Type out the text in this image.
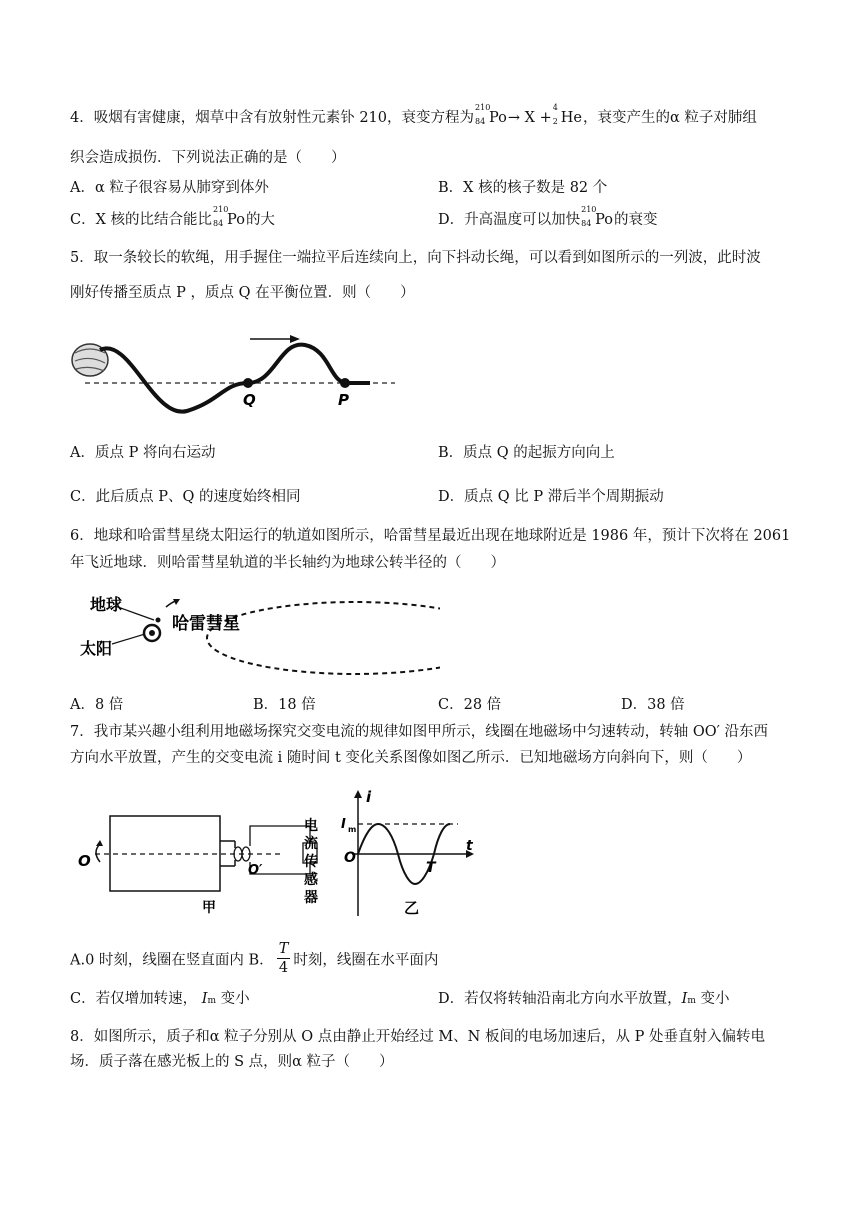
4．吸烟有害健康，烟草中含有放射性元素钋 210，衰变方程为
210
84 Po→ X +
4
2 He，衰变产生的α 粒子对肺组
织会造成损伤．下列说法正确的是（　　）
A．α 粒子很容易从肺穿到体外	B．X 核的核子数是 82 个
C．X 核的比结合能比
210
84 Po的大	D．升高温度可以加快
210
84 Po的衰变
5．取一条较长的软绳，用手握住一端拉平后连续向上，向下抖动长绳，可以看到如图所示的一列波，此时波
刚好传播至质点 P ，质点 Q 在平衡位置．则（　　）
Q	P
A．质点 P 将向右运动	B．质点 Q 的起振方向向上
C．此后质点 P、Q 的速度始终相同	D．质点 Q 比 P 滞后半个周期振动
6．地球和哈雷彗星绕太阳运行的轨道如图所示，哈雷彗星最近出现在地球附近是 1986 年，预计下次将在 2061
年飞近地球．则哈雷彗星轨道的半长轴约为地球公转半径的（　　）
地球
太阳
哈雷彗星
A．8 倍	B．18 倍	C．28 倍	D．38 倍
7．我市某兴趣小组利用地磁场探究交变电流的规律如图甲所示，线圈在地磁场中匀速转动，转轴 OO′ 沿东西
方向水平放置，产生的交变电流 i 随时间 t 变化关系图像如图乙所示．已知地磁场方向斜向下，则（　　）
O
O′
甲
电
流
传
感
器
i
I m
O
t
T
乙
A.0 时刻，线圈在竖直面内 B． $\frac{T}{4}$ 时刻，线圈在水平面内
C．若仅增加转速， Im 变小	D．若仅将转轴沿南北方向水平放置，Im 变小
8．如图所示，质子和α 粒子分别从 O 点由静止开始经过 M、N 板间的电场加速后，从 P 处垂直射入偏转电
场．质子落在感光板上的 S 点，则α 粒子（　　）
